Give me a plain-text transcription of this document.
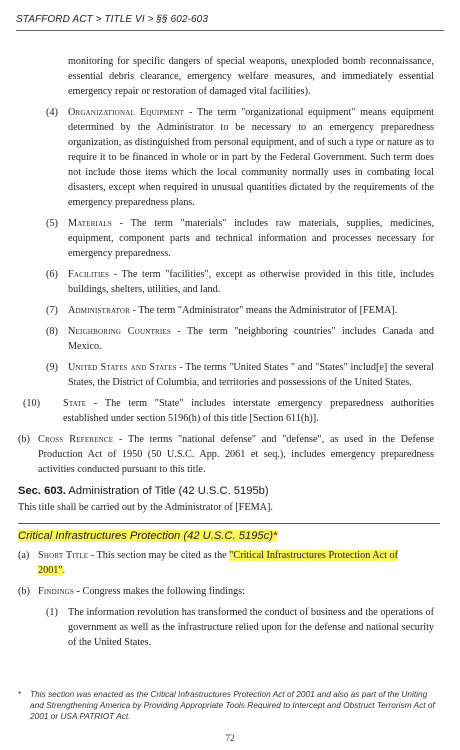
STAFFORD ACT > TITLE VI > §§ 602-603

monitoring for specific dangers of special weapons, unexploded bomb reconnaissance, essential debris clearance, emergency welfare measures, and immediately essential emergency repair or restoration of damaged vital facilities).

(4) Organizational Equipment - The term "organizational equipment" means equipment determined by the Administrator to be necessary to an emergency preparedness organization, as distinguished from personal equipment, and of such a type or nature as to require it to be financed in whole or in part by the Federal Government. Such term does not include those items which the local community normally uses in combating local disasters, except when required in unusual quantities dictated by the requirements of the emergency preparedness plans.

(5) Materials - The term "materials" includes raw materials, supplies, medicines, equipment, component parts and technical information and processes necessary for emergency preparedness.

(6) Facilities - The term "facilities", except as otherwise provided in this title, includes buildings, shelters, utilities, and land.

(7) Administrator - The term "Administrator" means the Administrator of [FEMA].

(8) Neighboring Countries - The term "neighboring countries" includes Canada and Mexico.

(9) United States and States - The terms "United States " and "States" includ[e] the several States, the District of Columbia, and territories and possessions of the United States.

(10) State - The term "State" includes interstate emergency preparedness authorities established under section 5196(h) of this title [Section 611(h)].

(b) Cross Reference - The terms "national defense" and "defense", as used in the Defense Production Act of 1950 (50 U.S.C. App. 2061 et seq.), includes emergency preparedness activities conducted pursuant to this title.

Sec. 603. Administration of Title (42 U.S.C. 5195b)

This title shall be carried out by the Administrator of [FEMA].

Critical Infrastructures Protection (42 U.S.C. 5195c)*
(a) Short Title - This section may be cited as the "Critical Infrastructures Protection Act of
2001".

(b) Findings - Congress makes the following findings:

(1) The information revolution has transformed the conduct of business and the operations of government as well as the infrastructure relied upon for the defense and national security of the United States.

* This section was enacted as the Critical Infrastructures Protection Act of 2001 and also as part of the Uniting and Strengthening America by Providing Appropriate Tools Required to Intercept and Obstruct Terrorism Act of 2001 or USA PATRIOT Act.
72
